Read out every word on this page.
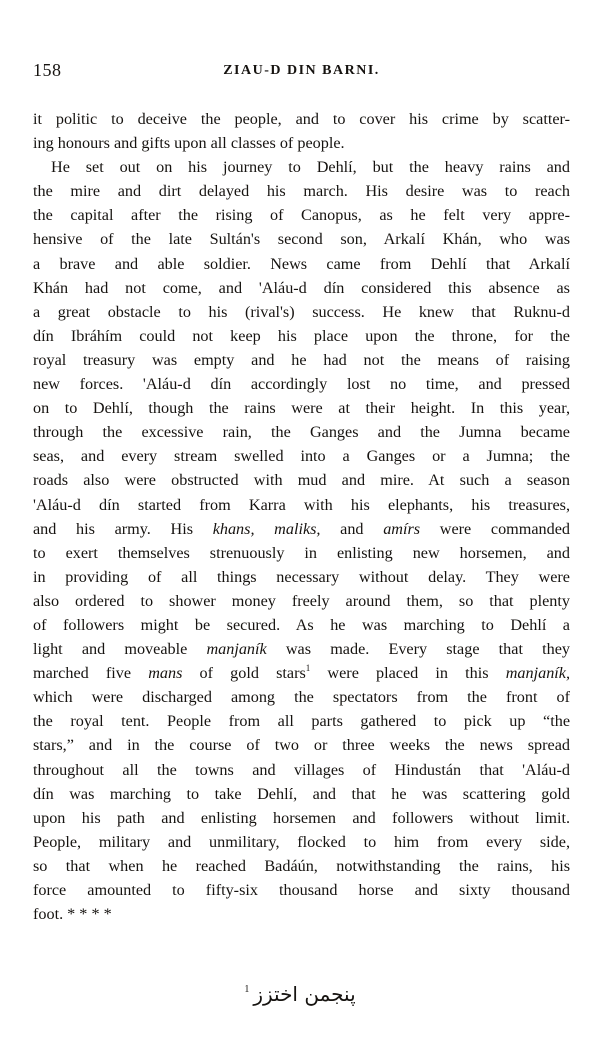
158	ZIAU-D DIN BARNI.
it politic to deceive the people, and to cover his crime by scatter-
ing honours and gifts upon all classes of people.
He set out on his journey to Dehlí, but the heavy rains and
the mire and dirt delayed his march. His desire was to reach
the capital after the rising of Canopus, as he felt very appre-
hensive of the late Sultán's second son, Arkalí Khán, who was
a brave and able soldier. News came from Dehlí that Arkalí
Khán had not come, and 'Aláu-d dín considered this absence as
a great obstacle to his (rival's) success. He knew that Ruknu-d
dín Ibráhím could not keep his place upon the throne, for the
royal treasury was empty and he had not the means of raising
new forces. 'Aláu-d dín accordingly lost no time, and pressed
on to Dehlí, though the rains were at their height. In this year,
through the excessive rain, the Ganges and the Jumna became
seas, and every stream swelled into a Ganges or a Jumna; the
roads also were obstructed with mud and mire. At such a season
'Aláu-d dín started from Karra with his elephants, his treasures,
and his army. His khans, maliks, and amírs were commanded
to exert themselves strenuously in enlisting new horsemen, and
in providing of all things necessary without delay. They were
also ordered to shower money freely around them, so that plenty
of followers might be secured. As he was marching to Dehlí a
light and moveable manjaník was made. Every stage that they
marched five mans of gold stars$^1$ were placed in this manjaník,
which were discharged among the spectators from the front of
the royal tent. People from all parts gathered to pick up “the
stars,” and in the course of two or three weeks the news spread
throughout all the towns and villages of Hindustán that 'Aláu-d
dín was marching to take Dehlí, and that he was scattering gold
upon his path and enlisting horsemen and followers without limit.
People, military and unmilitary, flocked to him from every side,
so that when he reached Badáún, notwithstanding the rains, his
force amounted to fifty-six thousand horse and sixty thousand
foot. * * * *
$^1$ پنجمن اختزز
